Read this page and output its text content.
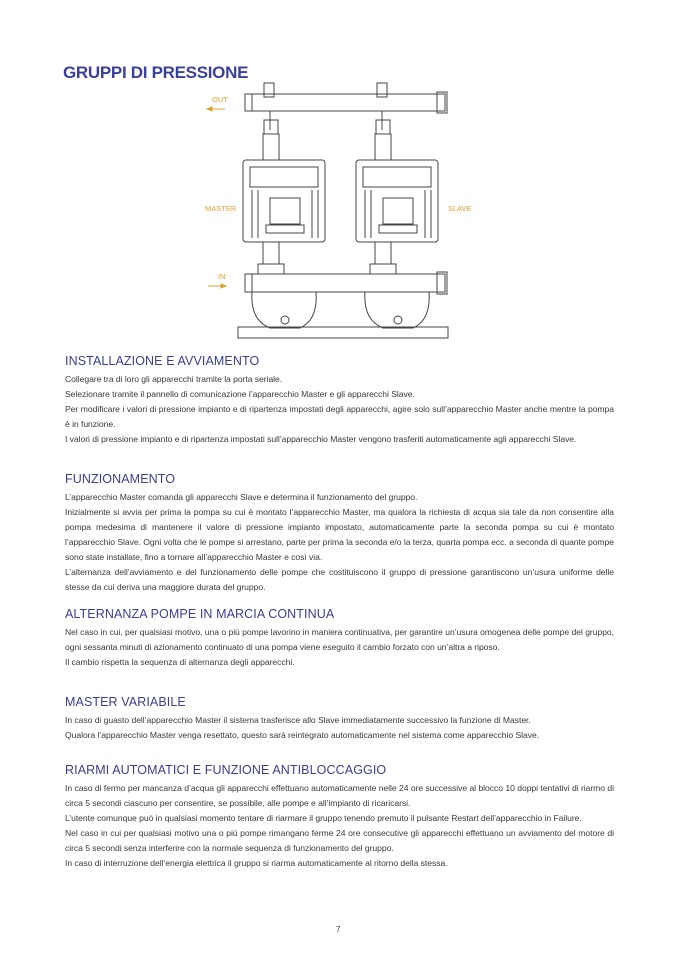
GRUPPI DI PRESSIONE
OUT
IN
MASTER	SLAVE
INSTALLAZIONE E AVVIAMENTO

Collegare tra di loro gli apparecchi tramite la porta seriale.

Selezionare tramite il pannello di comunicazione l’apparecchio Master e gli apparecchi Slave.

Per modificare i valori di pressione impianto e di ripartenza impostati degli apparecchi, agire solo sull’apparecchio Master anche mentre la pompa è in funzione.

I valori di pressione impianto e di ripartenza impostati sull’apparecchio Master vengono trasferiti automaticamente agli apparecchi Slave.

FUNZIONAMENTO

L’apparecchio Master comanda gli apparecchi Slave e determina il funzionamento del gruppo.

Inizialmente si avvia per prima la pompa su cui è montato l’apparecchio Master, ma qualora la richiesta di acqua sia tale da non consentire alla pompa medesima di mantenere il valore di pressione impianto impostato, automaticamente parte la seconda pompa su cui è montato l’apparecchio Slave. Ogni volta che le pompe si arrestano, parte per prima la seconda e/o la terza, quarta pompa ecc. a seconda di quante pompe sono state installate, fino a tornare all’apparecchio Master e così via.

L’alternanza dell’avviamento e del funzionamento delle pompe che costituiscono il gruppo di pressione garantiscono un’usura uniforme delle stesse da cui deriva una maggiore durata del gruppo.

ALTERNANZA POMPE IN MARCIA CONTINUA

Nel caso in cui, per qualsiasi motivo, una o più pompe lavorino in maniera continuativa, per garantire un’usura omogenea delle pompe del gruppo, ogni sessanta minuti di azionamento continuato di una pompa viene eseguito il cambio forzato con un’altra a riposo.

Il cambio rispetta la sequenza di alternanza degli apparecchi.

MASTER VARIABILE

In caso di guasto dell’apparecchio Master il sistema trasferisce allo Slave immediatamente successivo la funzione di Master.

Qualora l’apparecchio Master venga resettato, questo sarà reintegrato automaticamente nel sistema come apparecchio Slave.

RIARMI AUTOMATICI E FUNZIONE ANTIBLOCCAGGIO

In caso di fermo per mancanza d’acqua gli apparecchi effettuano automaticamente nelle 24 ore successive al blocco 10 doppi tentativi di riarmo di circa 5 secondi ciascuno per consentire, se possibile, alle pompe e all’impianto di ricaricarsi.

L’utente comunque può in qualsiasi momento tentare di riarmare il gruppo tenendo premuto il pulsante Restart dell’apparecchio in Failure.

Nel caso in cui per qualsiasi motivo una o più pompe rimangano ferme 24 ore consecutive gli apparecchi effettuano un avviamento del motore di circa 5 secondi senza interferire con la normale sequenza di funzionamento del gruppo.

In caso di interruzione dell’energia elettrica il gruppo si riarma automaticamente al ritorno della stessa.

7
